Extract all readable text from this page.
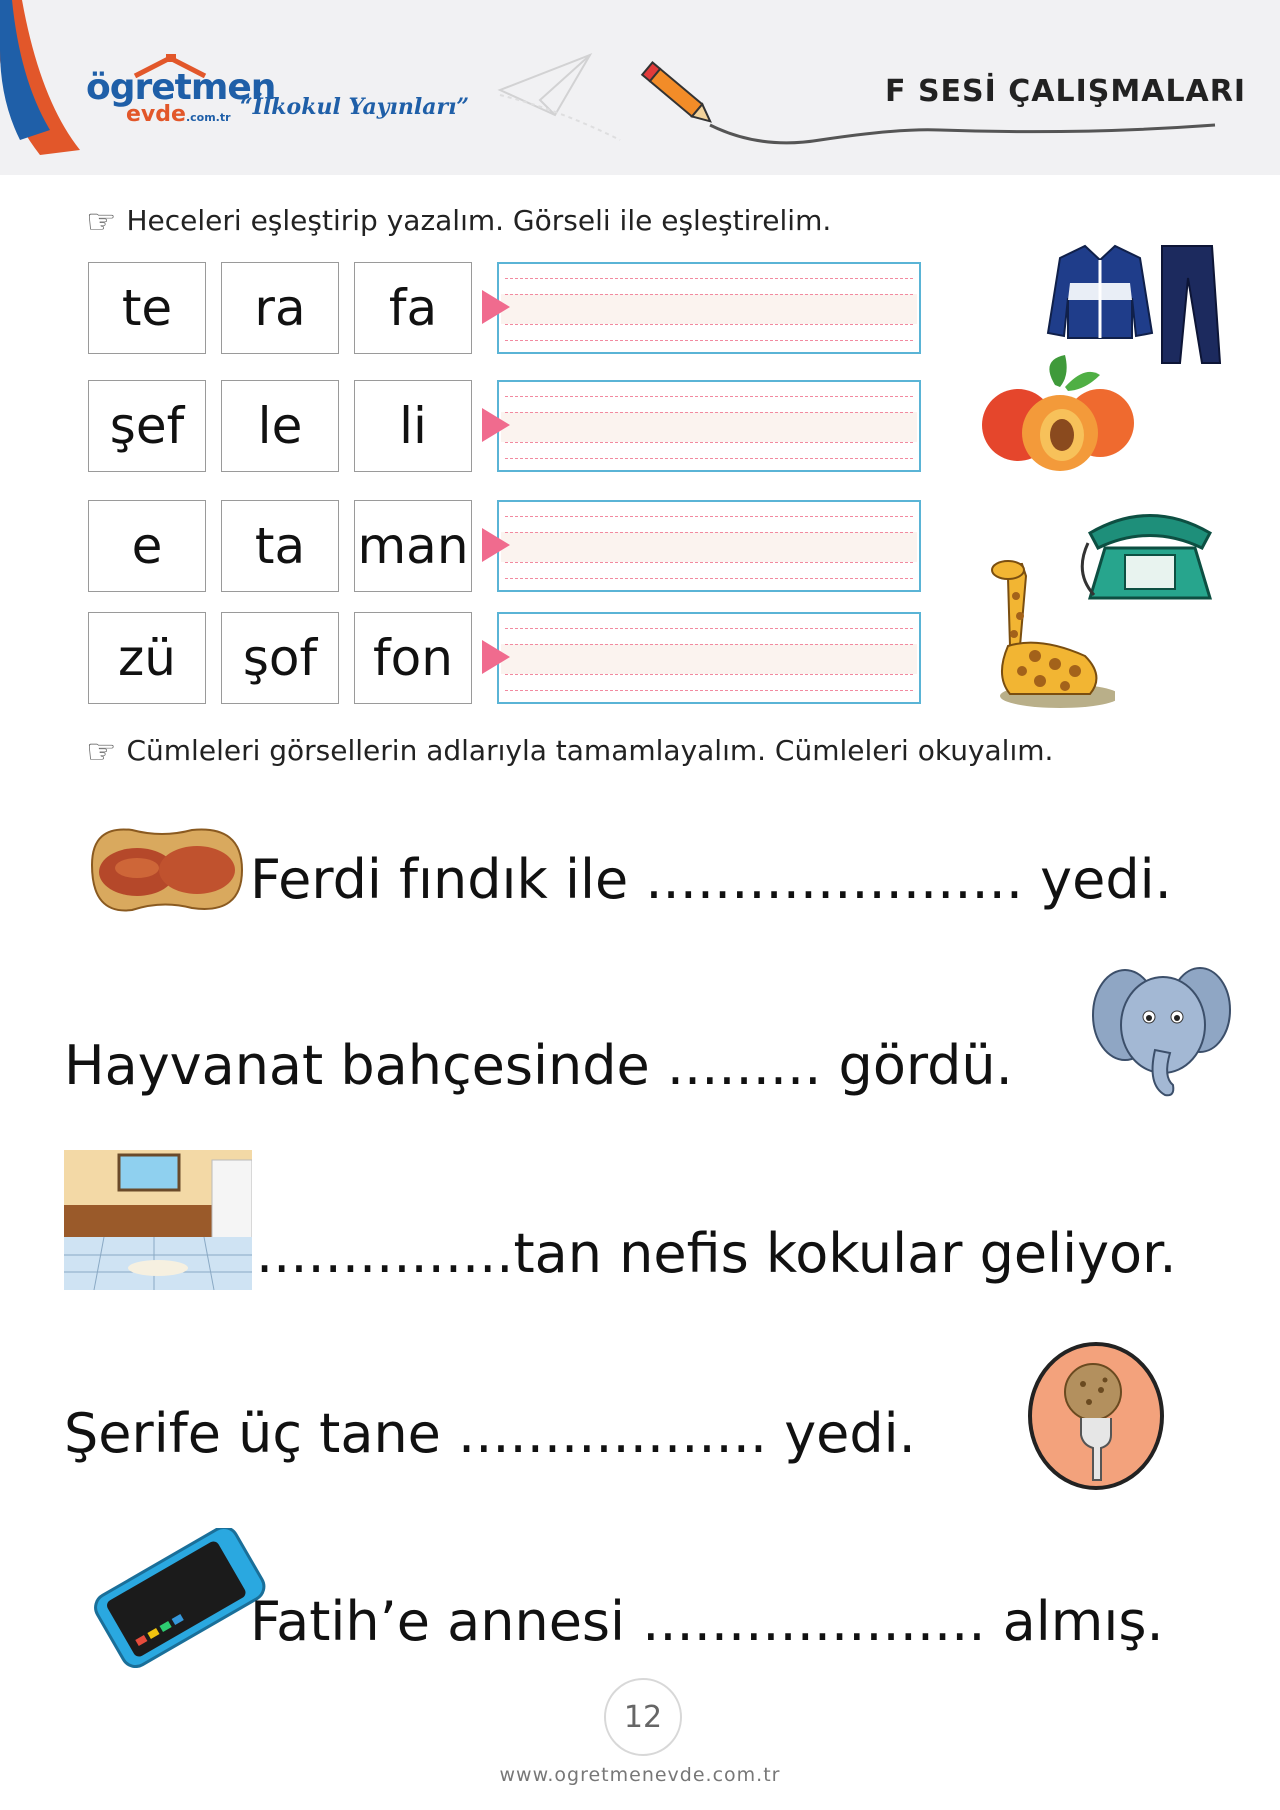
ögretmen
evde.com.tr “İlkokul Yayınları”	F SESİ ÇALIŞMALARI
☞ Heceleri eşleştirip yazalım. Görseli ile eşleştirelim.
te	ra	fa
şef	le	li
e	ta	man
zü	şof	fon
☞ Cümleleri görsellerin adlarıyla tamamlayalım. Cümleleri okuyalım.
Ferdi fındık ile ...................... yedi.
Hayvanat bahçesinde ......... gördü.
...............tan nefis kokular geliyor.
Şerife üç tane .................. yedi.
Fatih’e annesi .................... almış.
12
www.ogretmenevde.com.tr
